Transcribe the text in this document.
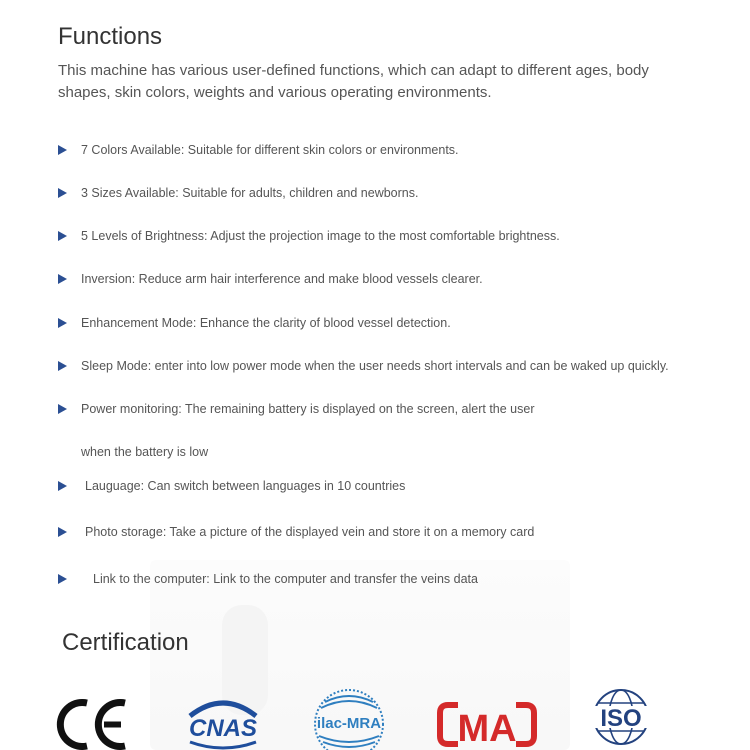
Functions

This machine has various user-defined functions, which can adapt to different ages, body shapes, skin colors, weights and various operating environments.

7 Colors Available: Suitable for different skin colors or environments.
3 Sizes Available: Suitable for adults, children and newborns.
5 Levels of Brightness: Adjust the projection image to the most comfortable brightness.
Inversion: Reduce arm hair interference and make blood vessels clearer.
Enhancement Mode: Enhance the clarity of blood vessel detection.
Sleep Mode: enter into low power mode when the user needs short intervals and can be waked up quickly.
Power monitoring: The remaining battery is displayed on the screen, alert the user
when the battery is low
Lauguage: Can switch between languages in 10 countries
Photo storage: Take a picture of the displayed vein and store it on a memory card
Link to the computer: Link to the computer and transfer the veins data
Certification
CNAS	ilac-MRA MA	ISO
